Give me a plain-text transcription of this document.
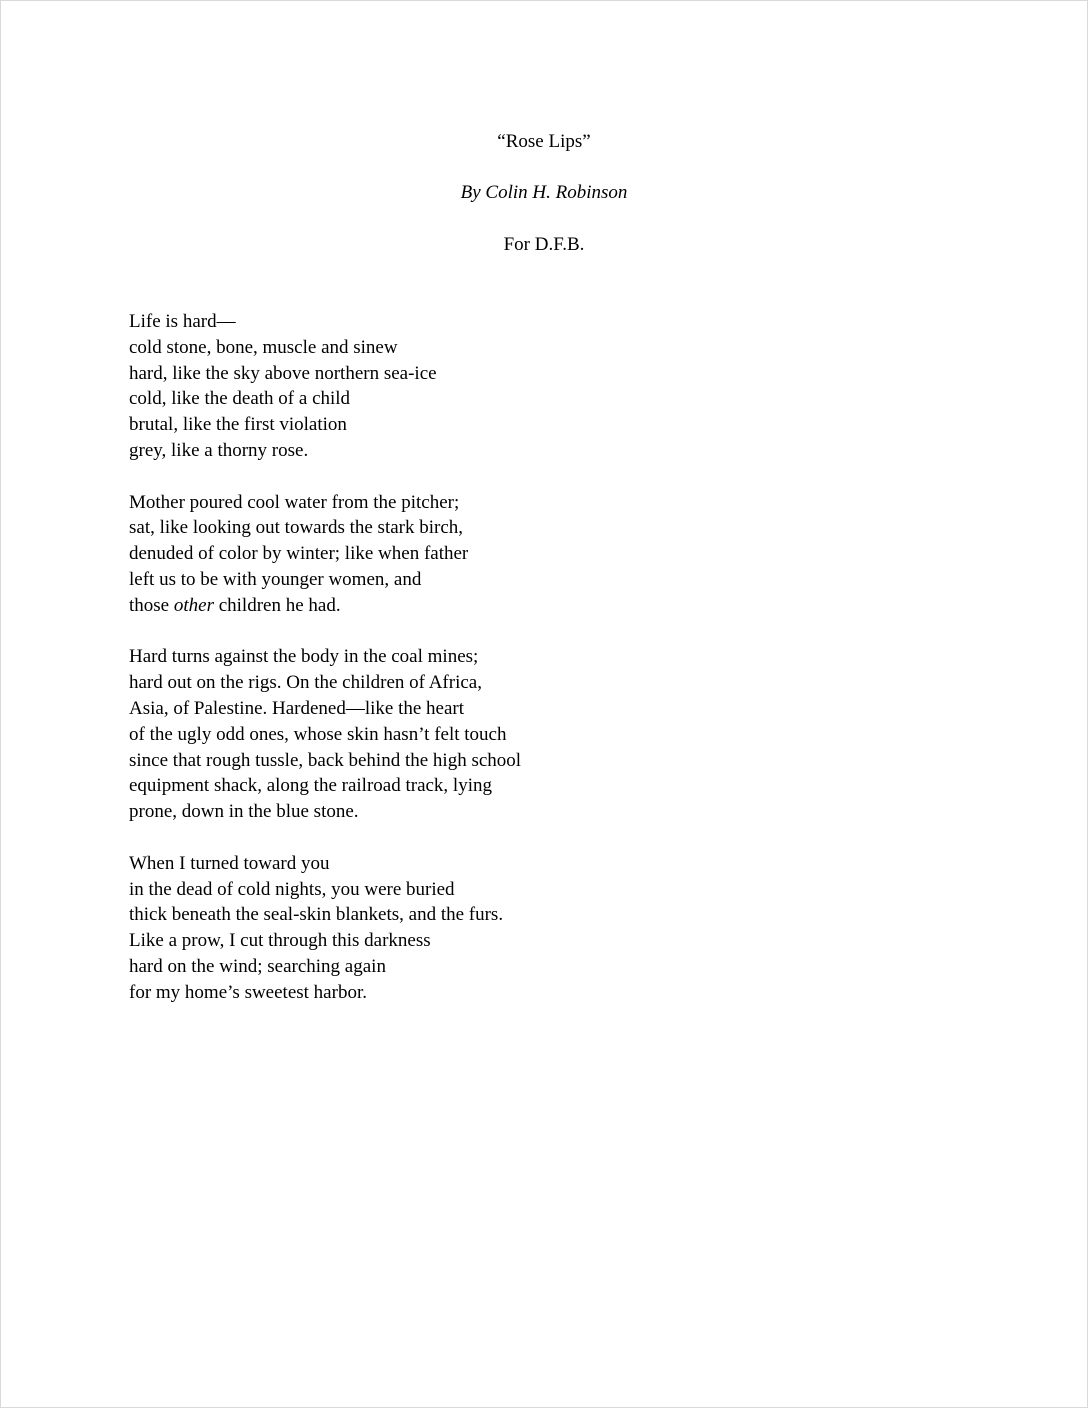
“Rose Lips”
By Colin H. Robinson
For D.F.B.
Life is hard—
cold stone, bone, muscle and sinew
hard, like the sky above northern sea-ice
cold, like the death of a child
brutal, like the first violation
grey, like a thorny rose.
Mother poured cool water from the pitcher;
sat, like looking out towards the stark birch,
denuded of color by winter; like when father
left us to be with younger women, and
those other children he had.
Hard turns against the body in the coal mines;
hard out on the rigs. On the children of Africa,
Asia, of Palestine. Hardened—like the heart
of the ugly odd ones, whose skin hasn’t felt touch
since that rough tussle, back behind the high school
equipment shack, along the railroad track, lying
prone, down in the blue stone.
When I turned toward you
in the dead of cold nights, you were buried
thick beneath the seal-skin blankets, and the furs.
Like a prow, I cut through this darkness
hard on the wind; searching again
for my home’s sweetest harbor.
